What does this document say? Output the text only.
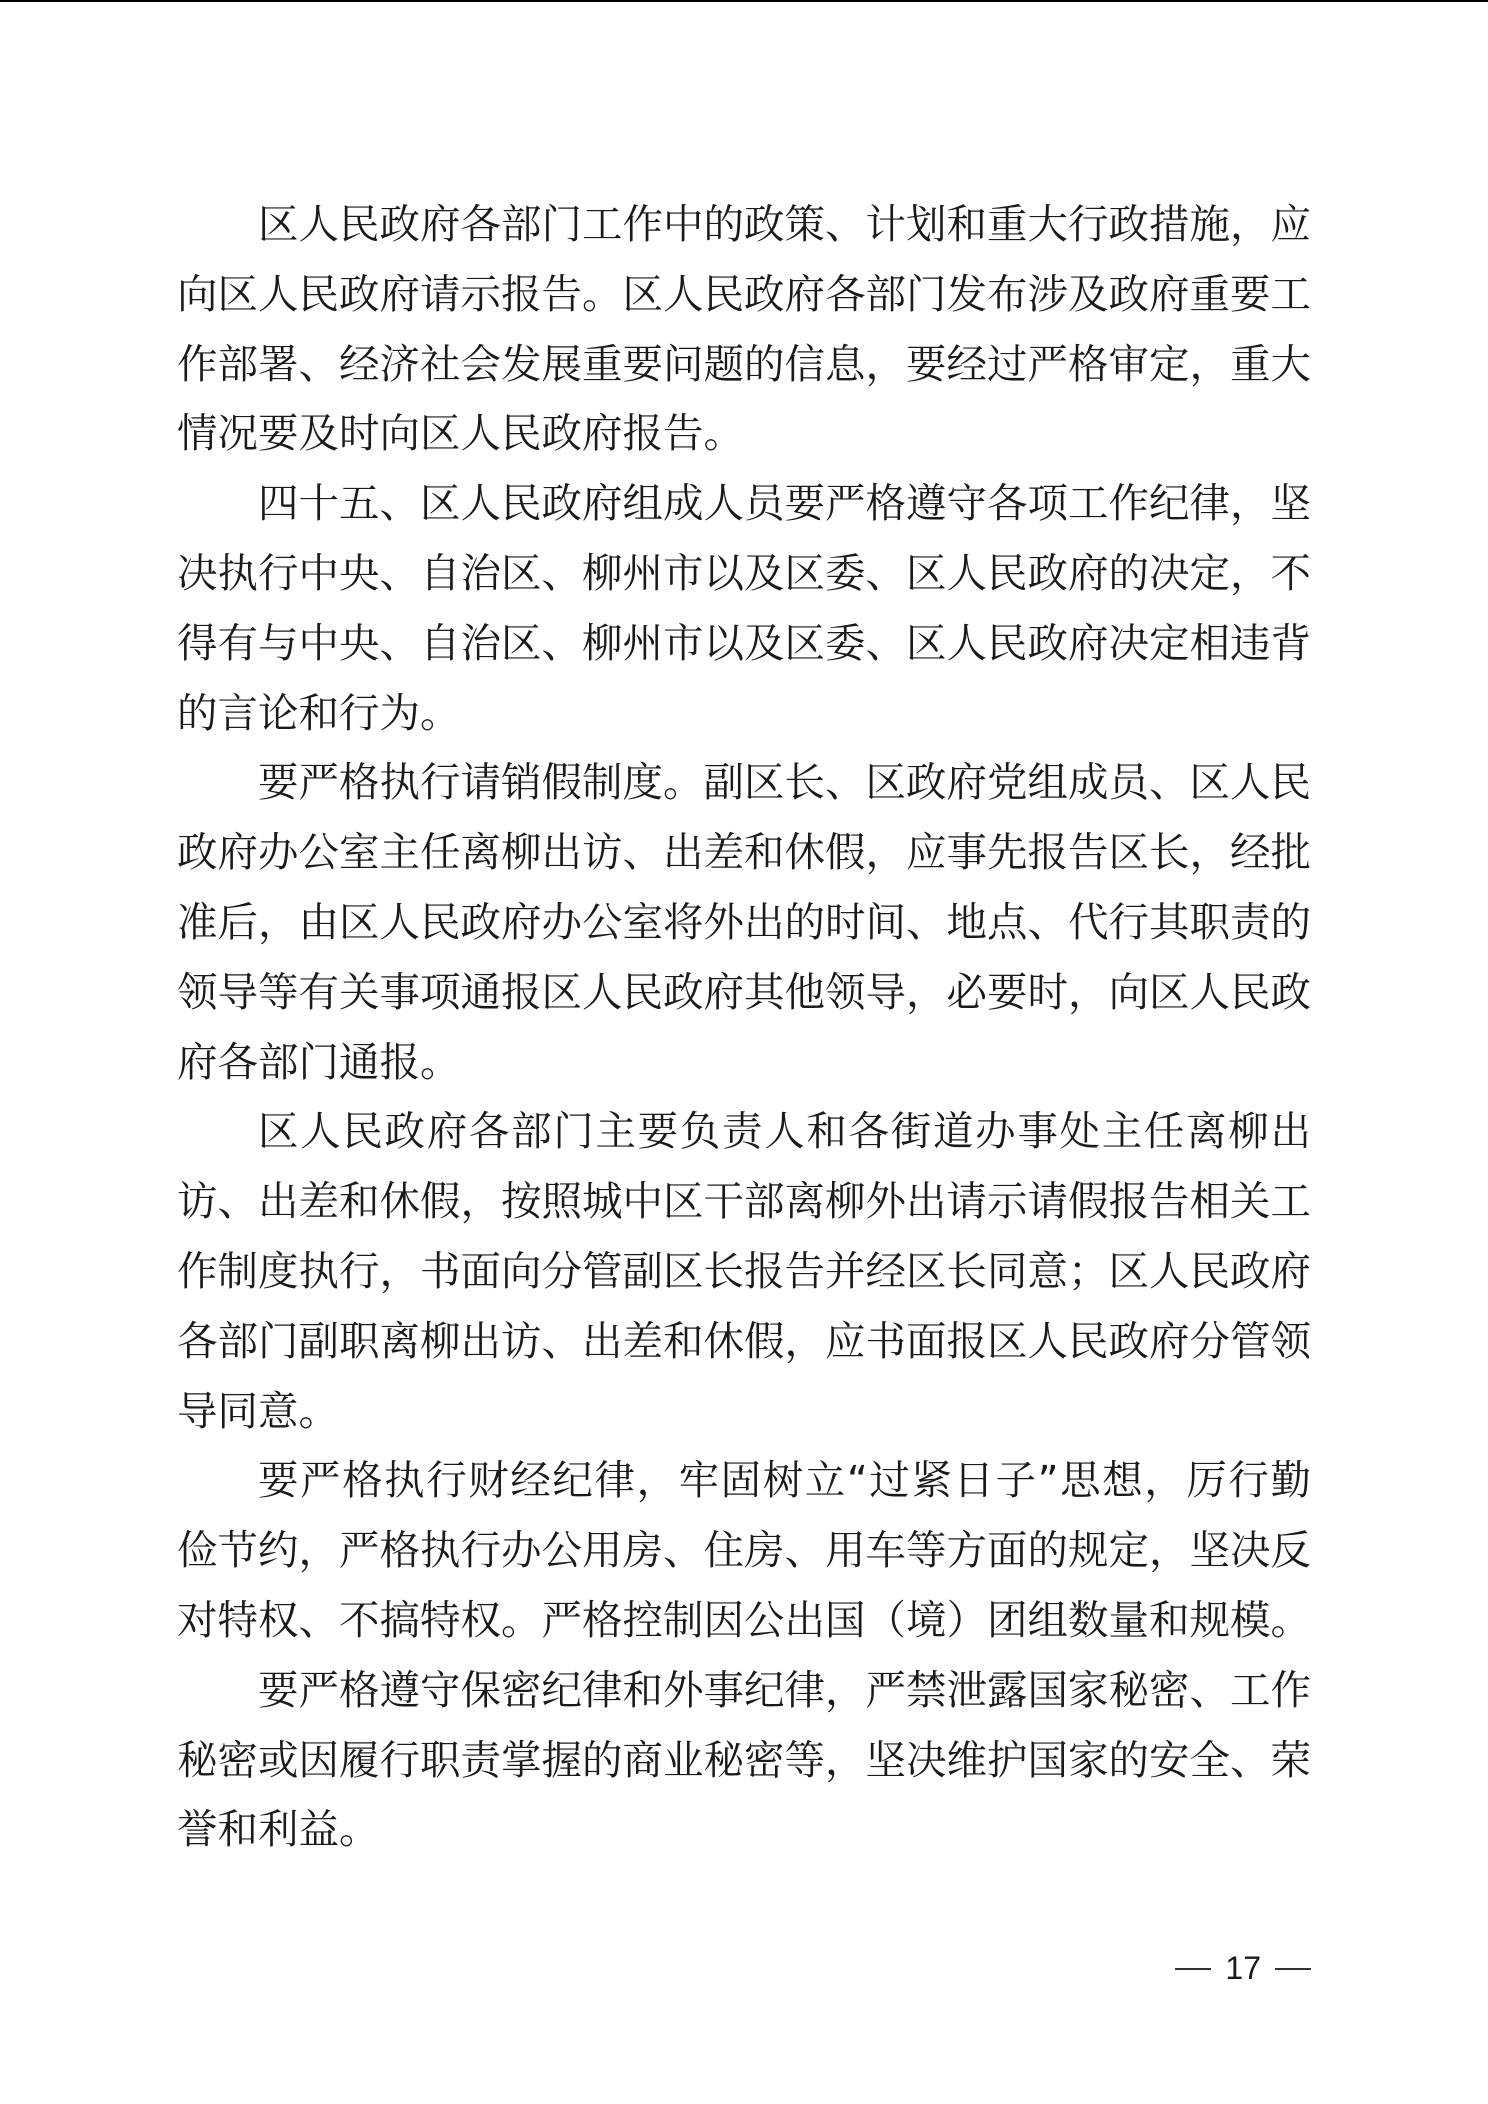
区人民政府各部门工作中的政策、计划和重大行政措施，应向区人民政府请示报告。区人民政府各部门发布涉及政府重要工作部署、经济社会发展重要问题的信息，要经过严格审定，重大情况要及时向区人民政府报告。

四十五、区人民政府组成人员要严格遵守各项工作纪律，坚决执行中央、自治区、柳州市以及区委、区人民政府的决定，不得有与中央、自治区、柳州市以及区委、区人民政府决定相违背的言论和行为。

要严格执行请销假制度。副区长、区政府党组成员、区人民政府办公室主任离柳出访、出差和休假，应事先报告区长，经批准后，由区人民政府办公室将外出的时间、地点、代行其职责的领导等有关事项通报区人民政府其他领导，必要时，向区人民政府各部门通报。

区人民政府各部门主要负责人和各街道办事处主任离柳出访、出差和休假，按照城中区干部离柳外出请示请假报告相关工作制度执行，书面向分管副区长报告并经区长同意；区人民政府各部门副职离柳出访、出差和休假，应书面报区人民政府分管领导同意。

要严格执行财经纪律，牢固树立“过紧日子”思想，厉行勤俭节约，严格执行办公用房、住房、用车等方面的规定，坚决反对特权、不搞特权。严格控制因公出国（境）团组数量和规模。

要严格遵守保密纪律和外事纪律，严禁泄露国家秘密、工作秘密或因履行职责掌握的商业秘密等，坚决维护国家的安全、荣誉和利益。

17
